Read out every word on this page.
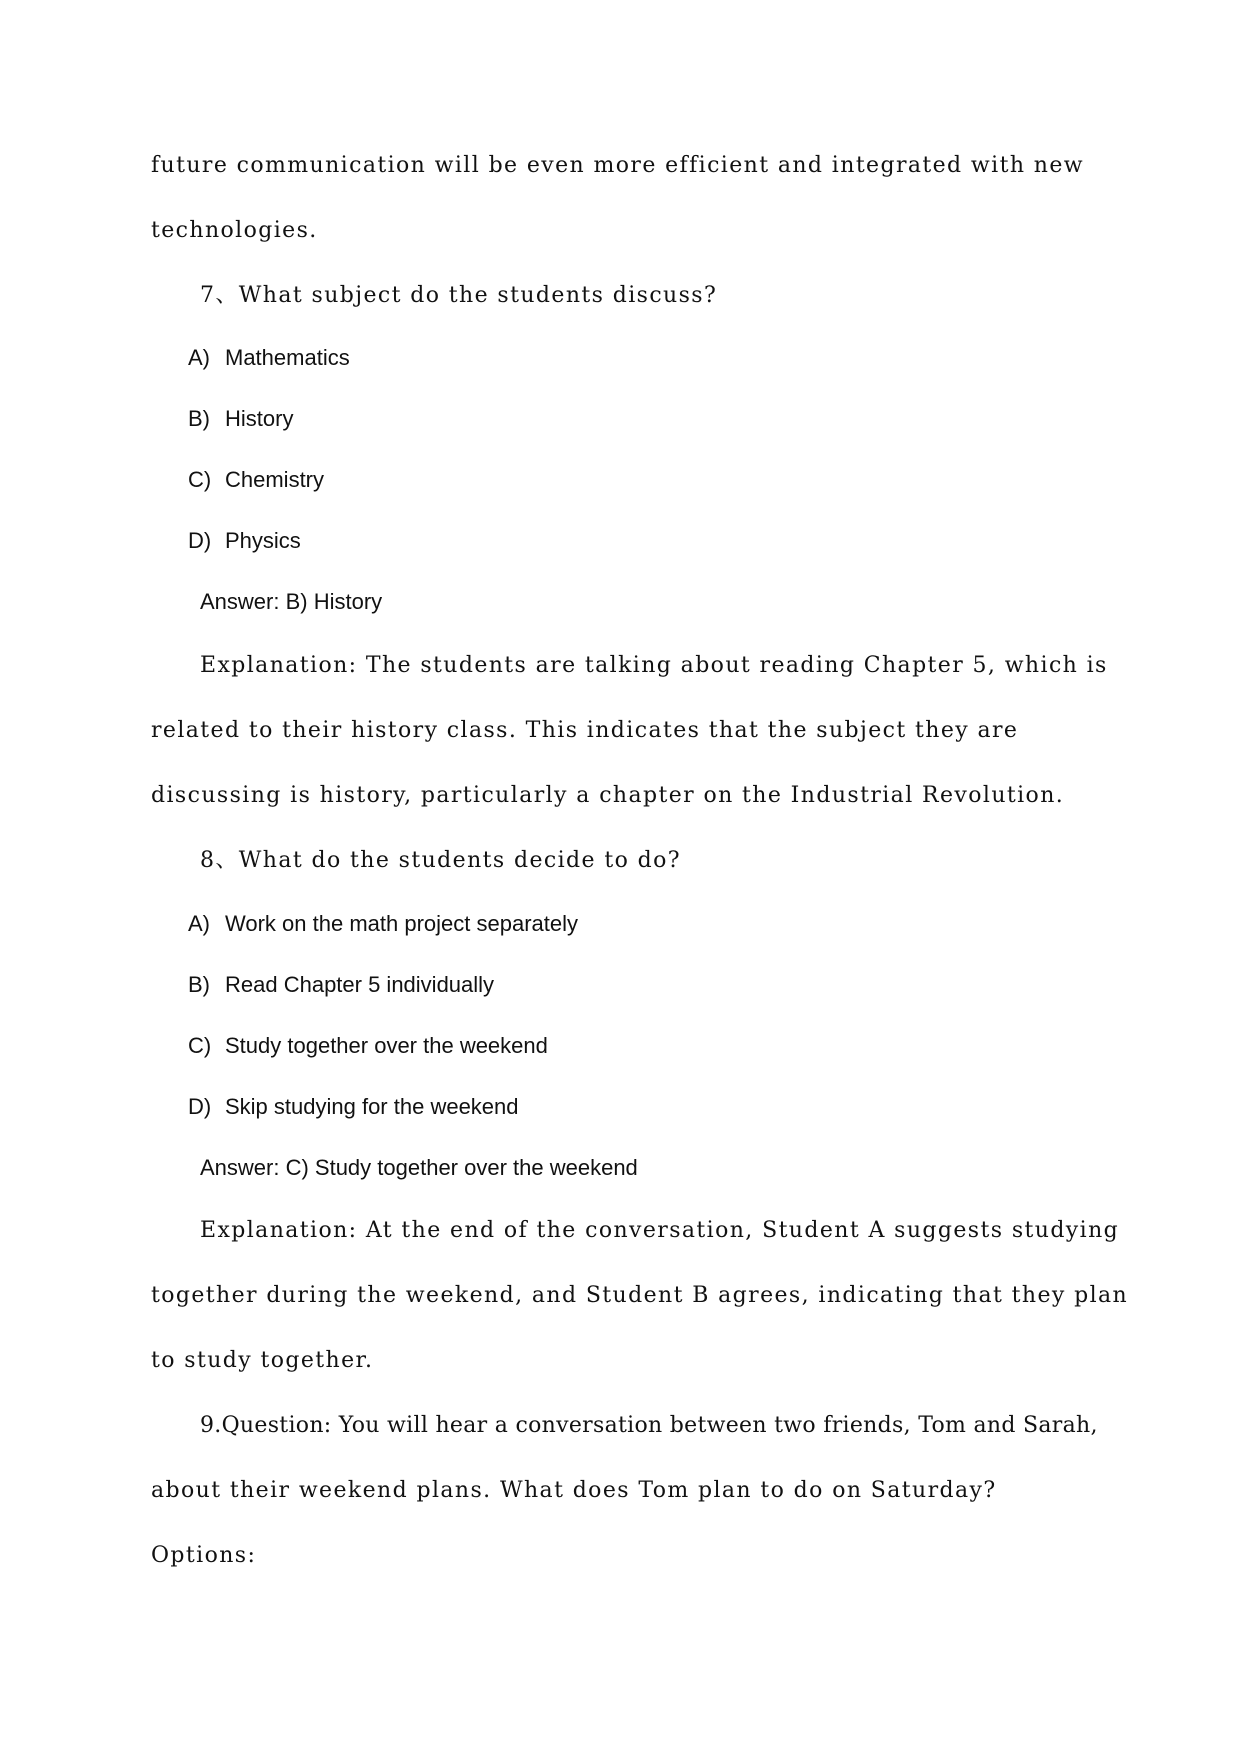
future communication will be even more efficient and integrated with new
technologies.
7、What subject do the students discuss?
A) Mathematics
B) History
C) Chemistry
D) Physics
Answer: B) History
Explanation: The students are talking about reading Chapter 5, which is
related to their history class. This indicates that the subject they are
discussing is history, particularly a chapter on the Industrial Revolution.
8、What do the students decide to do?
A) Work on the math project separately
B) Read Chapter 5 individually
C) Study together over the weekend
D) Skip studying for the weekend
Answer: C) Study together over the weekend
Explanation: At the end of the conversation, Student A suggests studying
together during the weekend, and Student B agrees, indicating that they plan
to study together.
9.Question: You will hear a conversation between two friends, Tom and Sarah,
about their weekend plans. What does Tom plan to do on Saturday?
Options:
